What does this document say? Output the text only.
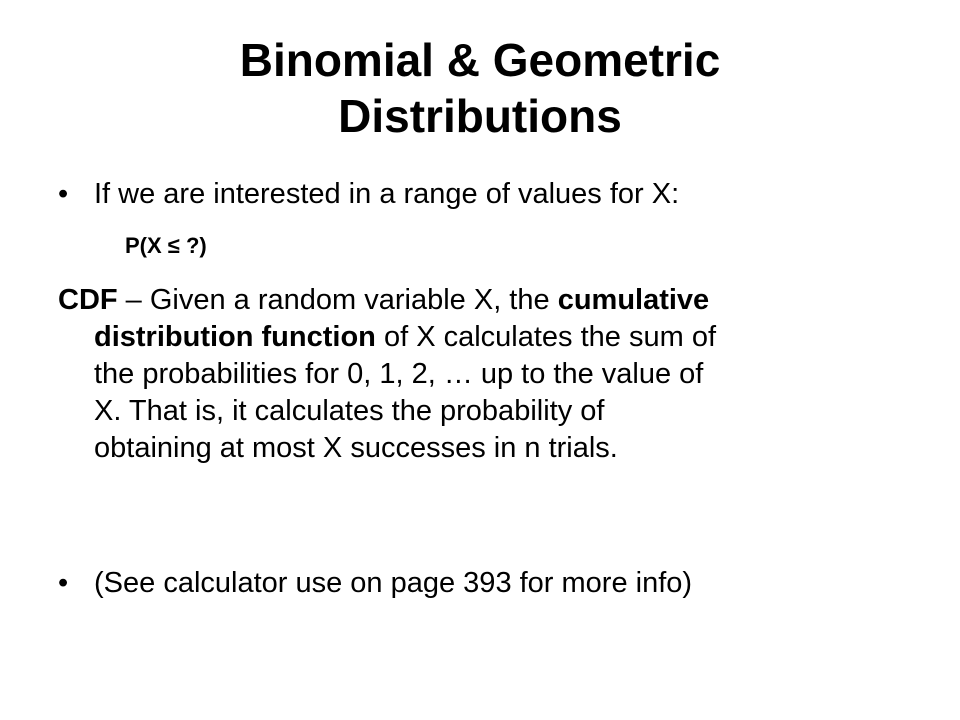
Binomial & Geometric
Distributions

• If we are interested in a range of values for X:

P(X ≤ ?)

CDF – Given a random variable X, the cumulative
distribution function of X calculates the sum of
the probabilities for 0, 1, 2, … up to the value of
X. That is, it calculates the probability of
obtaining at most X successes in n trials.

• (See calculator use on page 393 for more info)
